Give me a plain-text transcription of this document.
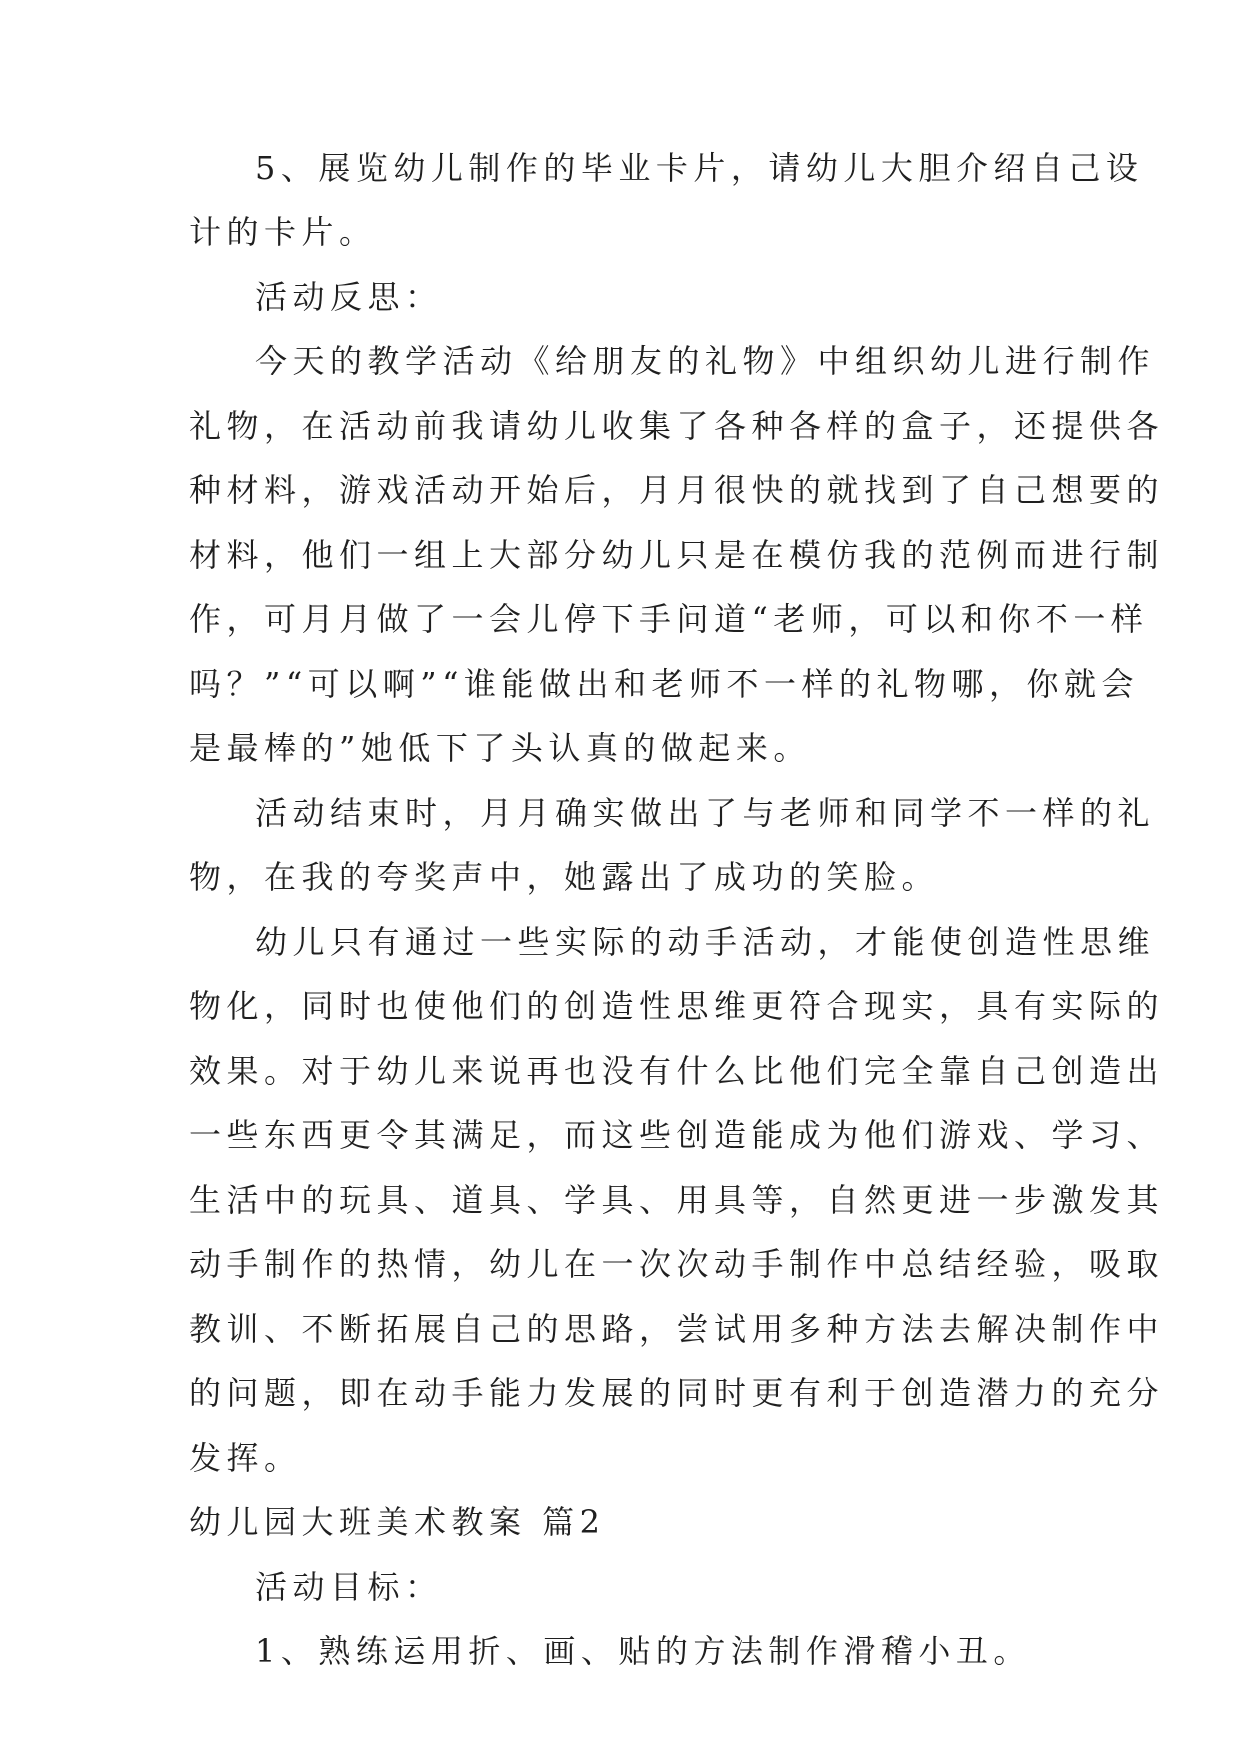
5、展览幼儿制作的毕业卡片，请幼儿大胆介绍自己设
计的卡片。
活动反思：
今天的教学活动《给朋友的礼物》中组织幼儿进行制作
礼物，在活动前我请幼儿收集了各种各样的盒子，还提供各
种材料，游戏活动开始后，月月很快的就找到了自己想要的
材料，他们一组上大部分幼儿只是在模仿我的范例而进行制
作，可月月做了一会儿停下手问道“老师，可以和你不一样
吗？”“可以啊”“谁能做出和老师不一样的礼物哪，你就会
是最棒的”她低下了头认真的做起来。
活动结束时，月月确实做出了与老师和同学不一样的礼
物，在我的夸奖声中，她露出了成功的笑脸。
幼儿只有通过一些实际的动手活动，才能使创造性思维
物化，同时也使他们的创造性思维更符合现实，具有实际的
效果。对于幼儿来说再也没有什么比他们完全靠自己创造出
一些东西更令其满足，而这些创造能成为他们游戏、学习、
生活中的玩具、道具、学具、用具等，自然更进一步激发其
动手制作的热情，幼儿在一次次动手制作中总结经验，吸取
教训、不断拓展自己的思路，尝试用多种方法去解决制作中
的问题，即在动手能力发展的同时更有利于创造潜力的充分
发挥。
幼儿园大班美术教案 篇2
活动目标：
1、熟练运用折、画、贴的方法制作滑稽小丑。
